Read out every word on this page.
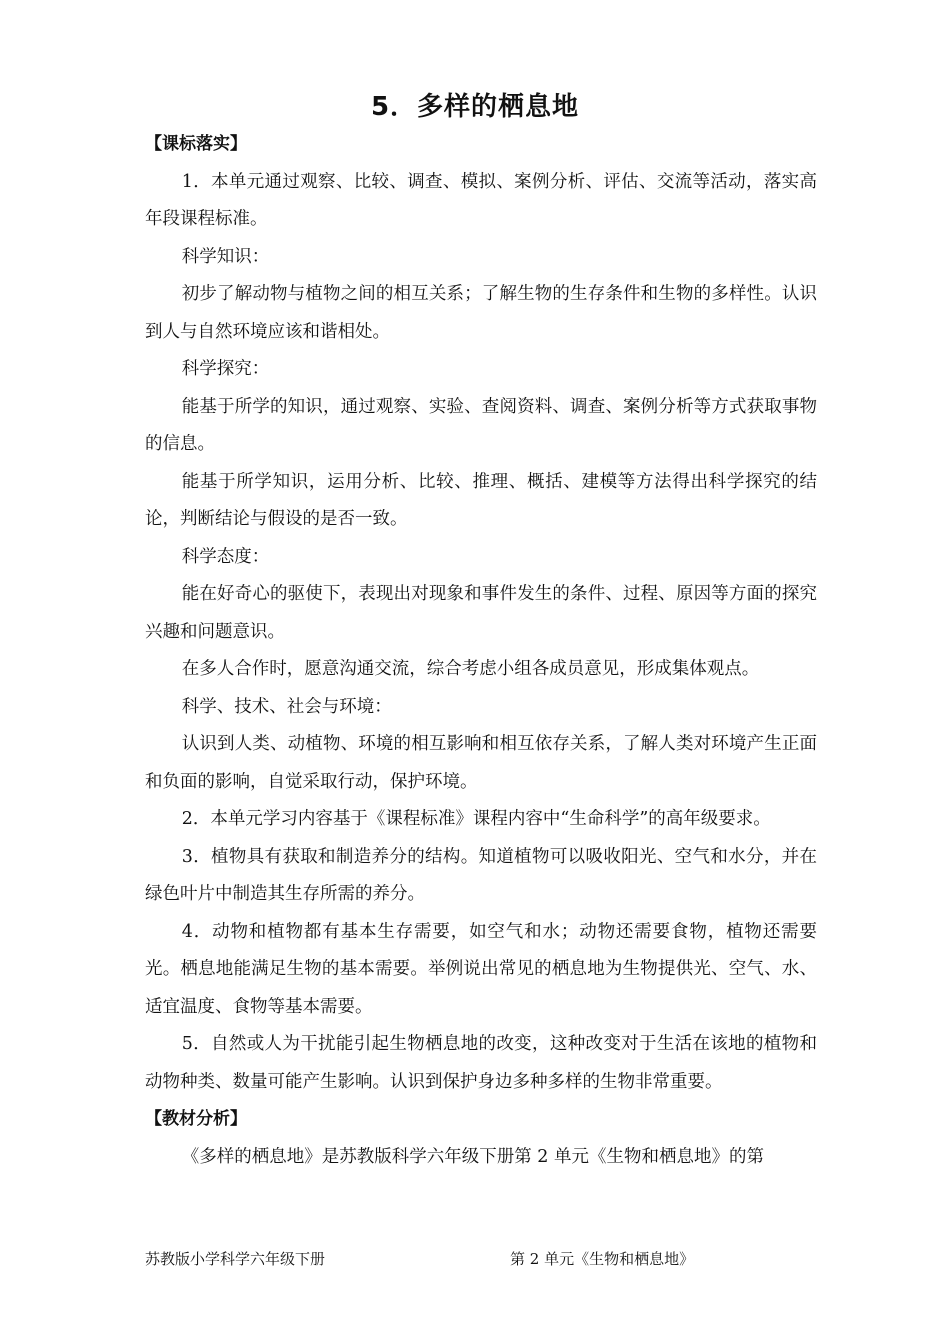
5．多样的栖息地

【课标落实】

1．本单元通过观察、比较、调查、模拟、案例分析、评估、交流等活动，落实高年段课程标准。

科学知识：

初步了解动物与植物之间的相互关系；了解生物的生存条件和生物的多样性。认识到人与自然环境应该和谐相处。

科学探究：

能基于所学的知识，通过观察、实验、查阅资料、调查、案例分析等方式获取事物的信息。

能基于所学知识，运用分析、比较、推理、概括、建模等方法得出科学探究的结论，判断结论与假设的是否一致。

科学态度：

能在好奇心的驱使下，表现出对现象和事件发生的条件、过程、原因等方面的探究兴趣和问题意识。

在多人合作时，愿意沟通交流，综合考虑小组各成员意见，形成集体观点。

科学、技术、社会与环境：

认识到人类、动植物、环境的相互影响和相互依存关系，了解人类对环境产生正面和负面的影响，自觉采取行动，保护环境。

2．本单元学习内容基于《课程标准》课程内容中“生命科学”的高年级要求。

3．植物具有获取和制造养分的结构。知道植物可以吸收阳光、空气和水分，并在绿色叶片中制造其生存所需的养分。

4．动物和植物都有基本生存需要，如空气和水；动物还需要食物，植物还需要光。栖息地能满足生物的基本需要。举例说出常见的栖息地为生物提供光、空气、水、适宜温度、食物等基本需要。

5．自然或人为干扰能引起生物栖息地的改变，这种改变对于生活在该地的植物和动物种类、数量可能产生影响。认识到保护身边多种多样的生物非常重要。

【教材分析】

《多样的栖息地》是苏教版科学六年级下册第 2 单元《生物和栖息地》的第

苏教版小学科学六年级下册	第 2 单元《生物和栖息地》
